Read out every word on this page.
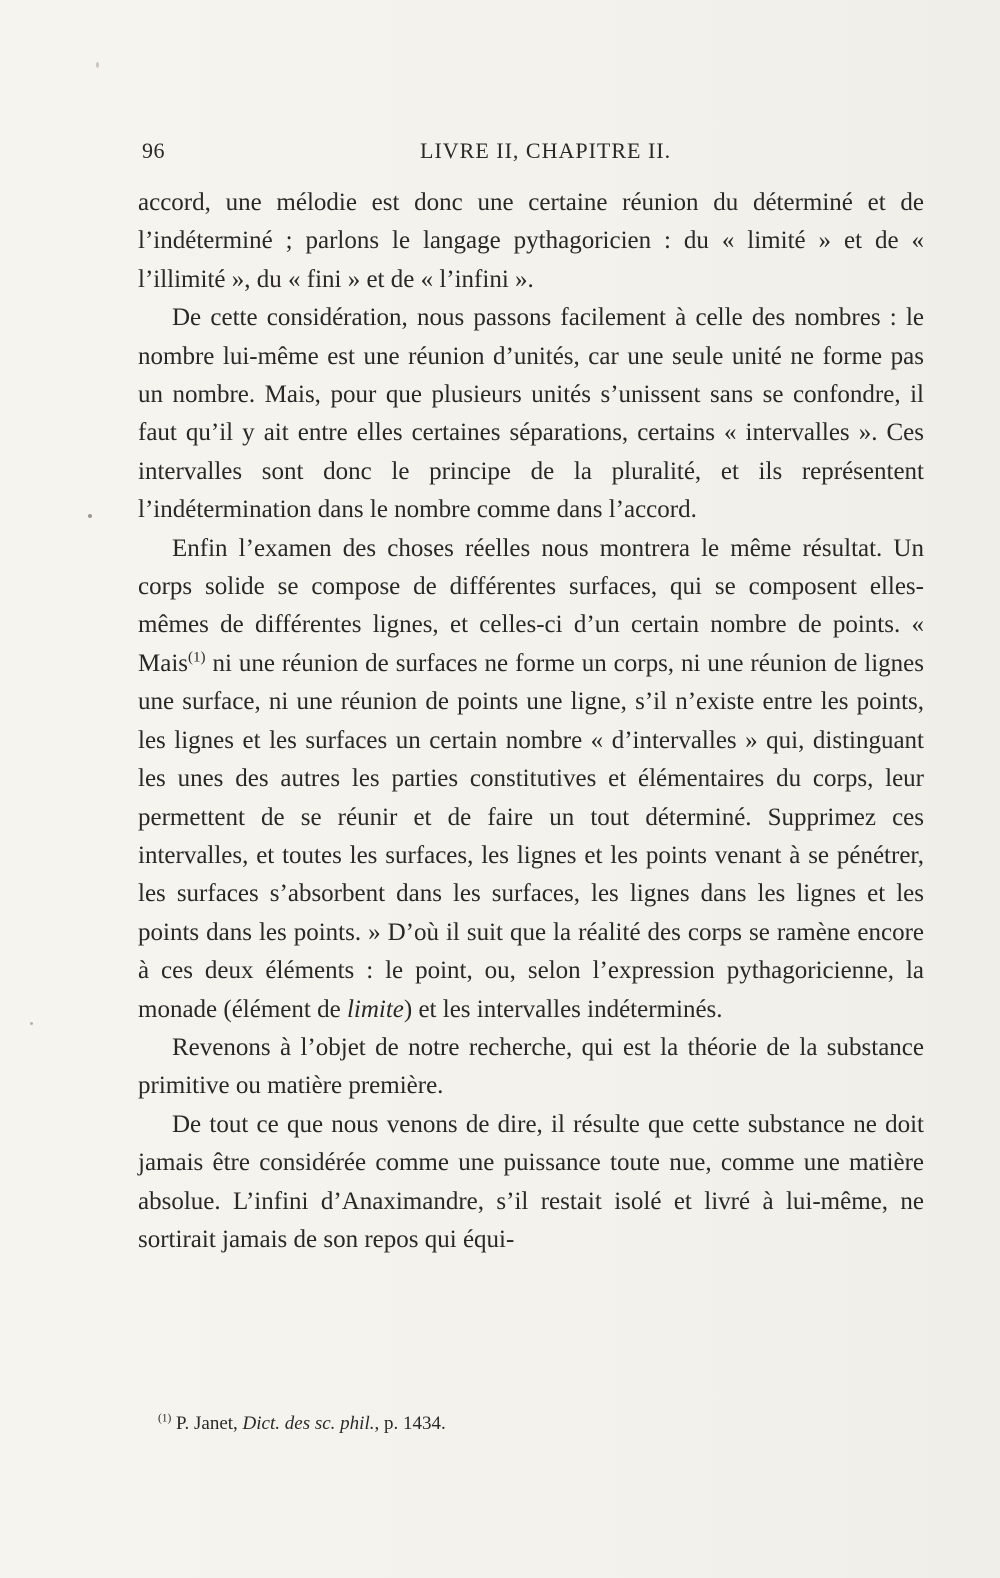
96	LIVRE II, CHAPITRE II.

accord, une mélodie est donc une certaine réunion du déterminé et de l’indéterminé ; parlons le langage pythagoricien : du « limité » et de « l’illimité », du « fini » et de « l’infini ».

De cette considération, nous passons facilement à celle des nombres : le nombre lui-même est une réunion d’unités, car une seule unité ne forme pas un nombre. Mais, pour que plusieurs unités s’unissent sans se confondre, il faut qu’il y ait entre elles certaines séparations, certains « intervalles ». Ces intervalles sont donc le principe de la pluralité, et ils représentent l’indétermination dans le nombre comme dans l’accord.

Enfin l’examen des choses réelles nous montrera le même résultat. Un corps solide se compose de différentes surfaces, qui se composent elles-mêmes de différentes lignes, et celles-ci d’un certain nombre de points. « Mais$^{(1)}$ ni une réunion de surfaces ne forme un corps, ni une réunion de lignes une surface, ni une réunion de points une ligne, s’il n’existe entre les points, les lignes et les surfaces un certain nombre « d’intervalles » qui, distinguant les unes des autres les parties constitutives et élémentaires du corps, leur permettent de se réunir et de faire un tout déterminé. Supprimez ces intervalles, et toutes les surfaces, les lignes et les points venant à se pénétrer, les surfaces s’absorbent dans les surfaces, les lignes dans les lignes et les points dans les points. » D’où il suit que la réalité des corps se ramène encore à ces deux éléments : le point, ou, selon l’expression pythagoricienne, la monade (élément de limite) et les intervalles indéterminés.

Revenons à l’objet de notre recherche, qui est la théorie de la substance primitive ou matière première.

De tout ce que nous venons de dire, il résulte que cette substance ne doit jamais être considérée comme une puissance toute nue, comme une matière absolue. L’infini d’Anaximandre, s’il restait isolé et livré à lui-même, ne sortirait jamais de son repos qui équi-

$^{(1)}$ P. Janet, Dict. des sc. phil., p. 1434.
